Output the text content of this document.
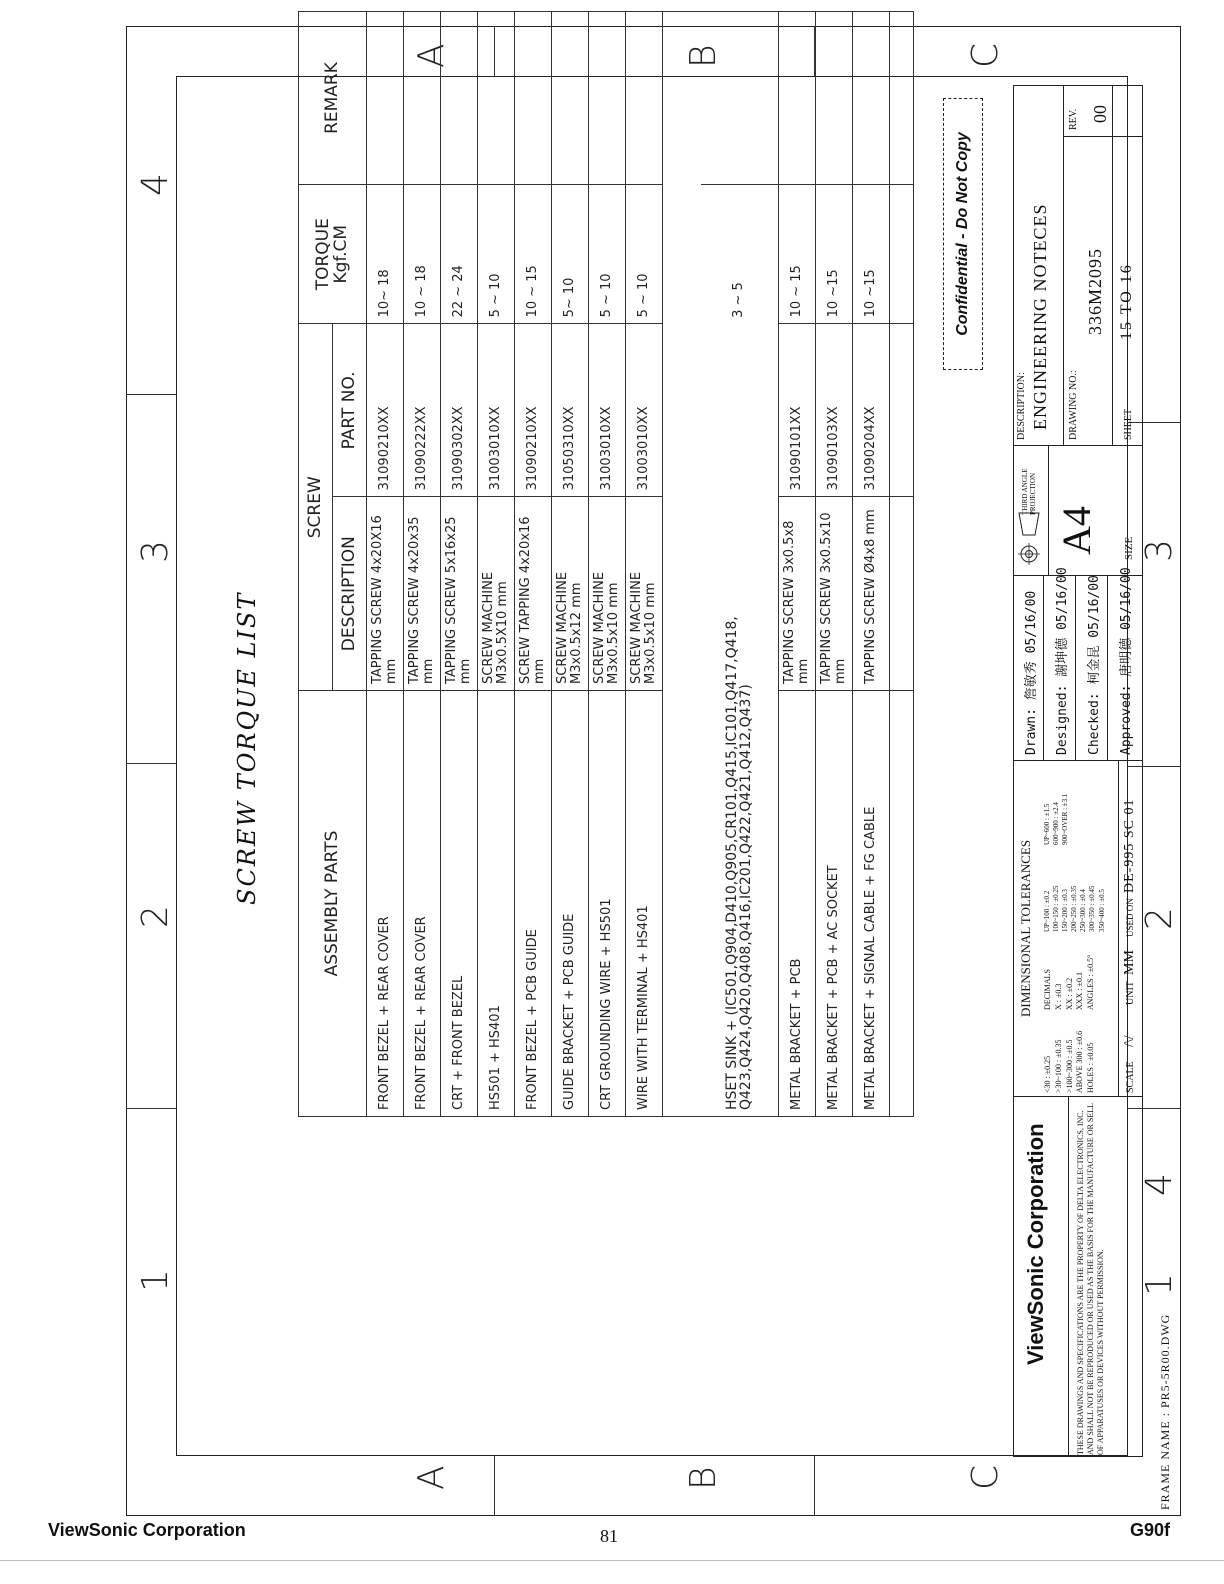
4
3
2
1
4
3
2
1
A	B	C
A	B	C
SCREW TORQUE LIST	ASSEMBLY PARTS	SCREW		TORQUE
Kgf.CM	REMARK
	DESCRIPTION	PART NO.		
FRONT BEZEL + REAR COVER	TAPPING SCREW 4x20X16 mm	31090210XX	10~ 18	
FRONT BEZEL + REAR COVER	TAPPING SCREW 4x20x35 mm	31090222XX	10 ~ 18	
CRT + FRONT BEZEL	TAPPING SCREW 5x16x25 mm	31090302XX	22 ~ 24	
HS501 + HS401	SCREW MACHINE M3x0.5X10 mm	31003010XX	5 ~ 10	
FRONT BEZEL + PCB GUIDE	SCREW TAPPING 4x20x16 mm	31090210XX	10 ~ 15	
GUIDE BRACKET + PCB GUIDE	SCREW MACHINE M3x0.5x12 mm	31050310XX	5~ 10	
CRT GROUNDING WIRE + HS501	SCREW MACHINE M3x0.5x10 mm	31003010XX	5 ~ 10	
WIRE WITH TERMINAL + HS401	SCREW MACHINE M3x0.5x10 mm	31003010XX	5 ~ 10	

HSET SINK + (IC501,Q904,D410,Q905,CR101,Q415,IC101,Q417,Q418,
Q423,Q424,Q420,Q408,Q416,IC201,Q422,Q421,Q412,Q437)			3 ~ 5	
METAL BRACKET + PCB	TAPPING SCREW 3x0.5x8 mm	31090101XX	10 ~ 15	
METAL BRACKET + PCB + AC SOCKET	TAPPING SCREW 3x0.5x10 mm	31090103XX	10 ~15	
METAL BRACKET + SIGNAL CABLE + FG CABLE	TAPPING SCREW Ø4x8 mm	31090204XX	10 ~15	
					Confidential - Do Not Copy
ViewSonic Corporation	THESE DRAWINGS AND SPECIFICATIONS ARE THE PROPERTY OF DELTA ELECTRONICS, INC. AND SHALL NOT BE REPRODUCED OR USED AS THE BASIS FOR THE MANUFACTURE OR SELL OF APPARATUSES OR DEVICES WITHOUT PERMISSION.
DIMENSIONAL TOLERANCES
<30 : ±0.25 >30~100 : ±0.35 >100~300 : ±0.5 ABOVE 300 : ±0.6 HOLES : ±0.05
DECIMALS X : ±0.3 XX : ±0.2 XXX : ±0.1 ANGLES : ±0.5°
UP~100 : ±0.2 100~150 : ±0.25 150~200 : ±0.3 200~250 : ±0.35 250~300 : ±0.4 300~350 : ±0.45 350~400 : ±0.5
UP~600 : ±1.5 600~900 : ±2.4 900~OVER : ±3.1
SCALE
/\/
UNIT
MM
USED ON
DE-995 SC 01
Drawn: 詹敏秀 05/16/00	Designed: 謝坤德 05/16/00	Checked: 柯金昆 05/16/00	Approved: 唐明德 05/16/00
THIRD ANGLE PROJECTION
A4 SIZE
DESCRIPTION: ENGINEERING NOTECES DRAWING NO.:
336M2095
SHEET
15 TO 16
REV. 00
FRAME NAME : PR5-5R00.DWG
ViewSonic Corporation	81	G90f
